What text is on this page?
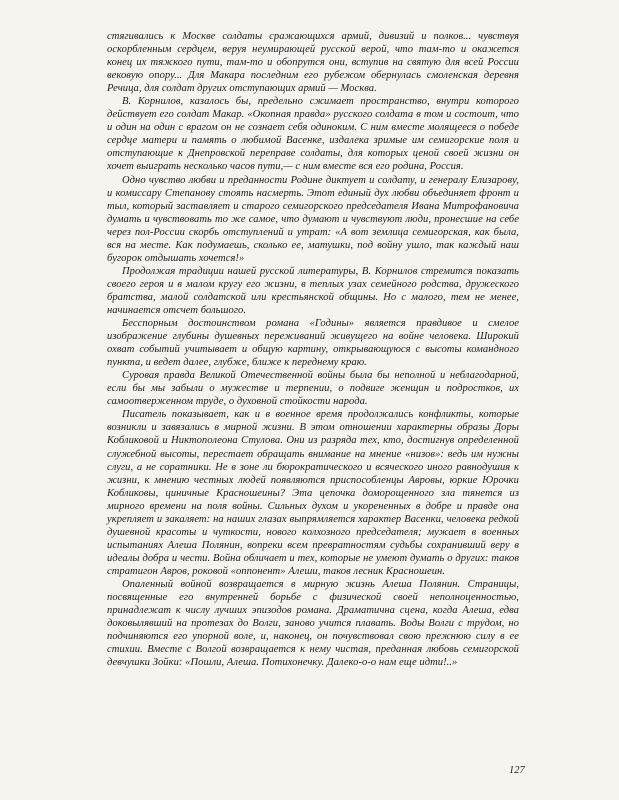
стягивались к Москве солдаты сражающихся армий, дивизий и полков... чувствуя оскорбленным сердцем, веруя неумирающей русской верой, что там-то и окажется конец их тяжкого пути, там-то и обопрутся они, вступив на святую для всей России вековую опору... Для Макара последним его рубежом обернулась смоленская деревня Речица, для солдат других отступающих армий — Москва.

В. Корнилов, казалось бы, предельно сжимает пространство, внутри которого действует его солдат Макар. «Окопная правда» русского солдата в том и состоит, что и один на один с врагом он не сознает себя одиноким. С ним вместе молящееся о победе сердце матери и память о любимой Васенке, издалека зримые им семигорские поля и отступающие к Днепровской переправе солдаты, для которых ценой своей жизни он хочет выиграть несколько часов пути,— с ним вместе вся его родина, Россия.

Одно чувство любви и преданности Родине диктует и солдату, и генералу Елизарову, и комиссару Степанову стоять насмерть. Этот единый дух любви объединяет фронт и тыл, который заставляет и старого семигорского председателя Ивана Митрофановича думать и чувствовать то же самое, что думают и чувствуют люди, пронесшие на себе через пол-России скорбь отступлений и утрат: «А вот землица семигорская, как была, вся на месте. Как подумаешь, сколько ее, матушки, под войну ушло, так каждый наш бугорок отдышать хочется!»

Продолжая традиции нашей русской литературы, В. Корнилов стремится показать своего героя и в малом кругу его жизни, в теплых узах семейного родства, дружеского братства, малой солдатской или крестьянской общины. Но с малого, тем не менее, начинается отсчет большого.

Бесспорным достоинством романа «Годины» является правдивое и смелое изображение глубины душевных переживаний живущего на войне человека. Широкий охват событий учитывает и общую картину, открывающуюся с высоты командного пункта, и ведет далее, глубже, ближе к переднему краю.

Суровая правда Великой Отечественной войны была бы неполной и неблагодарной, если бы мы забыли о мужестве и терпении, о подвиге женщин и подростков, их самоотверженном труде, о духовной стойкости народа.

Писатель показывает, как и в военное время продолжались конфликты, которые возникли и завязались в мирной жизни. В этом отношении характерны образы Доры Кобликовой и Никтополеона Стулова. Они из разряда тех, кто, достигнув определенной служебной высоты, перестает обращать внимание на мнение «низов»: ведь им нужны слуги, а не соратники. Не в зоне ли бюрократического и всяческого иного равнодушия к жизни, к мнению честных людей появляются приспособленцы Авровы, юркие Юрочки Кобликовы, циничные Красношеины? Эта цепочка доморощенного зла тянется из мирного времени на поля войны. Сильных духом и укорененных в добре и правде она укрепляет и закаляет: на наших глазах выпрямляется характер Васенки, человека редкой душевной красоты и чуткости, нового колхозного председателя; мужает в военных испытаниях Алеша Полянин, вопреки всем превратностям судьбы сохранивший веру в идеалы добра и чести. Война обличает и тех, которые не умеют думать о других: таков стратигон Авров, роковой «оппонент» Алеши, таков лесник Красношеин.

Опаленный войной возвращается в мирную жизнь Алеша Полянин. Страницы, посвященные его внутренней борьбе с физической своей неполноценностью, принадлежат к числу лучших эпизодов романа. Драматична сцена, когда Алеша, едва доковылявший на протезах до Волги, заново учится плавать. Воды Волги с трудом, но подчиняются его упорной воле, и, наконец, он почувствовал свою прежнюю силу в ее стихии. Вместе с Волгой возвращается к нему чистая, преданная любовь семигорской девчушки Зойки: «Пошли, Алеша. Потихонечку. Далеко-о-о нам еще идти!..»

127
